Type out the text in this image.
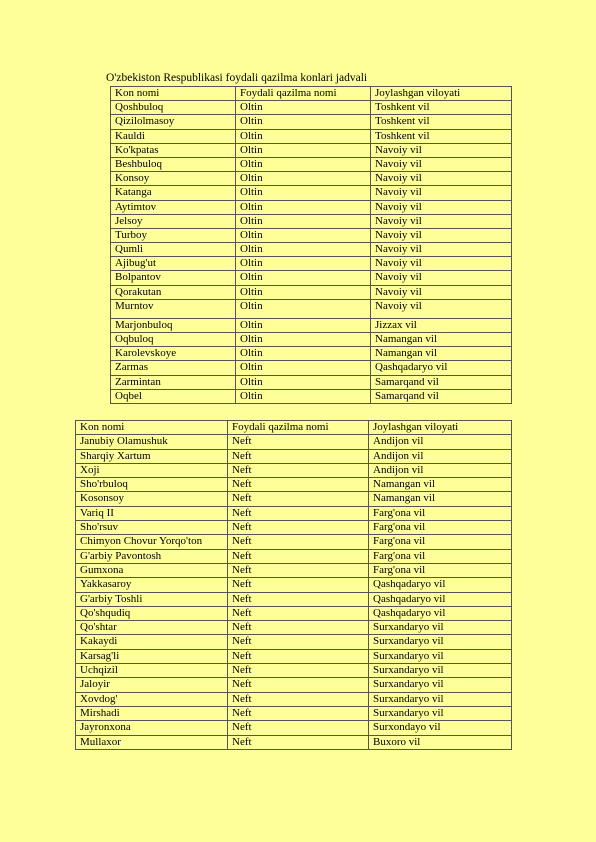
O'zbekiston Respublikasi foydali qazilma konlari jadvali
Kon nomi	Foydali qazilma nomi	Joylashgan viloyati
Qoshbuloq	Oltin	Toshkent vil
Qizilolmasoy	Oltin	Toshkent vil
Kauldi	Oltin	Toshkent vil
Ko'kpatas	Oltin	Navoiy vil
Beshbuloq	Oltin	Navoiy vil
Konsoy	Oltin	Navoiy vil
Katanga	Oltin	Navoiy vil
Aytimtov	Oltin	Navoiy vil
Jelsoy	Oltin	Navoiy vil
Turboy	Oltin	Navoiy vil
Qumli	Oltin	Navoiy vil
Ajibug'ut	Oltin	Navoiy vil
Bolpantov	Oltin	Navoiy vil
Qorakutan	Oltin	Navoiy vil
Murntov	Oltin	Navoiy vil
Marjonbuloq	Oltin	Jizzax vil
Oqbuloq	Oltin	Namangan vil
Karolevskoye	Oltin	Namangan vil
Zarmas	Oltin	Qashqadaryo vil
Zarmintan	Oltin	Samarqand vil
Oqbel	Oltin	Samarqand vil
Kon nomi	Foydali qazilma nomi	Joylashgan viloyati
Janubiy Olamushuk	Neft	Andijon vil
Sharqiy Xartum	Neft	Andijon vil
Xoji	Neft	Andijon vil
Sho'rbuloq	Neft	Namangan vil
Kosonsoy	Neft	Namangan vil
Variq II	Neft	Farg'ona vil
Sho'rsuv	Neft	Farg'ona vil
Chimyon Chovur Yorqo'ton	Neft	Farg'ona vil
G'arbiy Pavontosh	Neft	Farg'ona vil
Gumxona	Neft	Farg'ona vil
Yakkasaroy	Neft	Qashqadaryo vil
G'arbiy Toshli	Neft	Qashqadaryo vil
Qo'shqudiq	Neft	Qashqadaryo vil
Qo'shtar	Neft	Surxandaryo vil
Kakaydi	Neft	Surxandaryo vil
Karsag'li	Neft	Surxandaryo vil
Uchqizil	Neft	Surxandaryo vil
Jaloyir	Neft	Surxandaryo vil
Xovdog'	Neft	Surxandaryo vil
Mirshadi	Neft	Surxandaryo vil
Jayronxona	Neft	Surxondayo vil
Mullaxor	Neft	Buxoro vil
